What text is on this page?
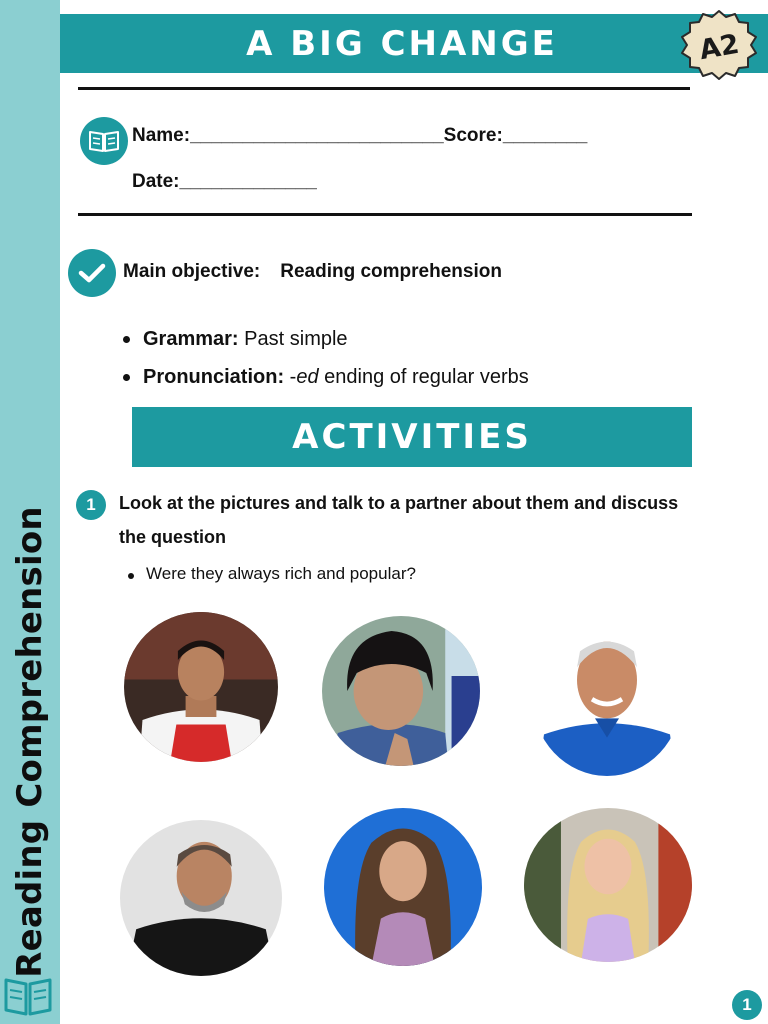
Reading Comprehension
A BIG CHANGE	A2
Name:________________________Score:________
Date:_____________
Main objective: Reading comprehension
Grammar: Past simple
Pronunciation: -ed ending of regular verbs
ACTIVITIES
1	Look at the pictures and talk to a partner about them and discuss the question
Were they always rich and popular?
1
